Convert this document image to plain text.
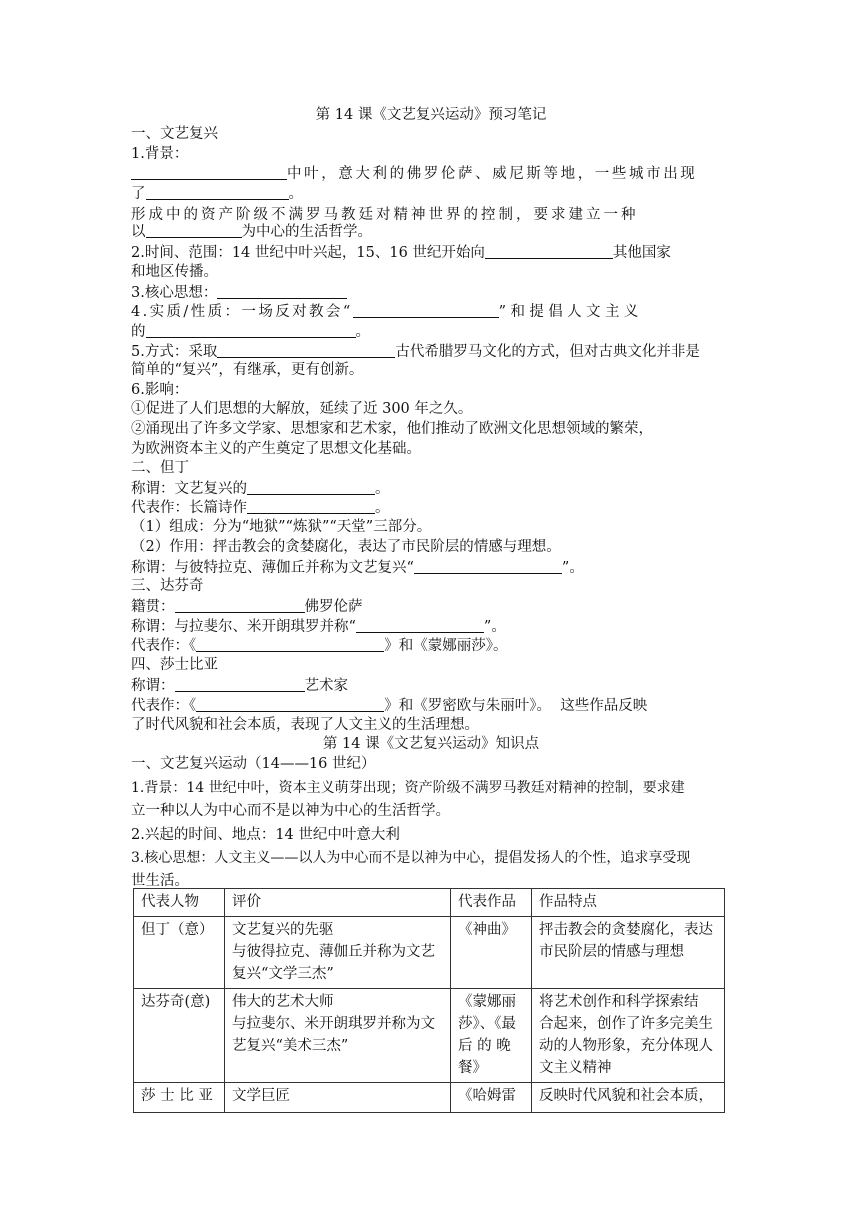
第 14 课《文艺复兴运动》预习笔记
一、文艺复兴
1.背景：
中叶，意大利的佛罗伦萨、威尼斯等地，一些城市出现
了	。
形成中的资产阶级不满罗马教廷对精神世界的控制，要求建立一种
以	为中心的生活哲学。
2.时间、范围：14 世纪中叶兴起，15、16 世纪开始向	其他国家
和地区传播。
3.核心思想：
4.实质/性质：一场反对教会“	”和提倡人文主义
的	。
5.方式：采取	古代希腊罗马文化的方式，但对古典文化并非是
简单的“复兴”，有继承，更有创新。
6.影响：
①促进了人们思想的大解放，延续了近 300 年之久。
②涌现出了许多文学家、思想家和艺术家，他们推动了欧洲文化思想领域的繁荣，
为欧洲资本主义的产生奠定了思想文化基础。
二、但丁
称谓：文艺复兴的	。
代表作：长篇诗作	。
（1）组成：分为“地狱”“炼狱”“天堂”三部分。
（2）作用：抨击教会的贪婪腐化，表达了市民阶层的情感与理想。
称谓：与彼特拉克、薄伽丘并称为文艺复兴“	”。
三、达芬奇
籍贯：	佛罗伦萨
称谓：与拉斐尔、米开朗琪罗并称“	”。
代表作：《	》和《蒙娜丽莎》。
四、莎士比亚
称谓：	艺术家
代表作：《	》和《罗密欧与朱丽叶》。  这些作品反映
了时代风貌和社会本质，表现了人文主义的生活理想。
第 14 课《文艺复兴运动》知识点
一、文艺复兴运动（14——16 世纪）
1.背景：14 世纪中叶，资本主义萌芽出现；资产阶级不满罗马教廷对精神的控制，要求建
立一种以人为中心而不是以神为中心的生活哲学。
2.兴起的时间、地点：14 世纪中叶意大利
3.核心思想：人文主义——以人为中心而不是以神为中心，提倡发扬人的个性，追求享受现
世生活。
代表人物	评价	代表作品	作品特点
但丁（意）	文艺复兴的先驱
与彼得拉克、薄伽丘并称为文艺
复兴“文学三杰”	《神曲》	抨击教会的贪婪腐化，表达
市民阶层的情感与理想

达芬奇(意)	伟大的艺术大师
与拉斐尔、米开朗琪罗并称为文
艺复兴“美术三杰”	《蒙娜丽
莎》、《最
后 的 晚
餐》	将艺术创作和科学探索结
合起来，创作了许多完美生
动的人物形象，充分体现人
文主义精神

莎 士 比 亚	文学巨匠	《哈姆雷	反映时代风貌和社会本质，
